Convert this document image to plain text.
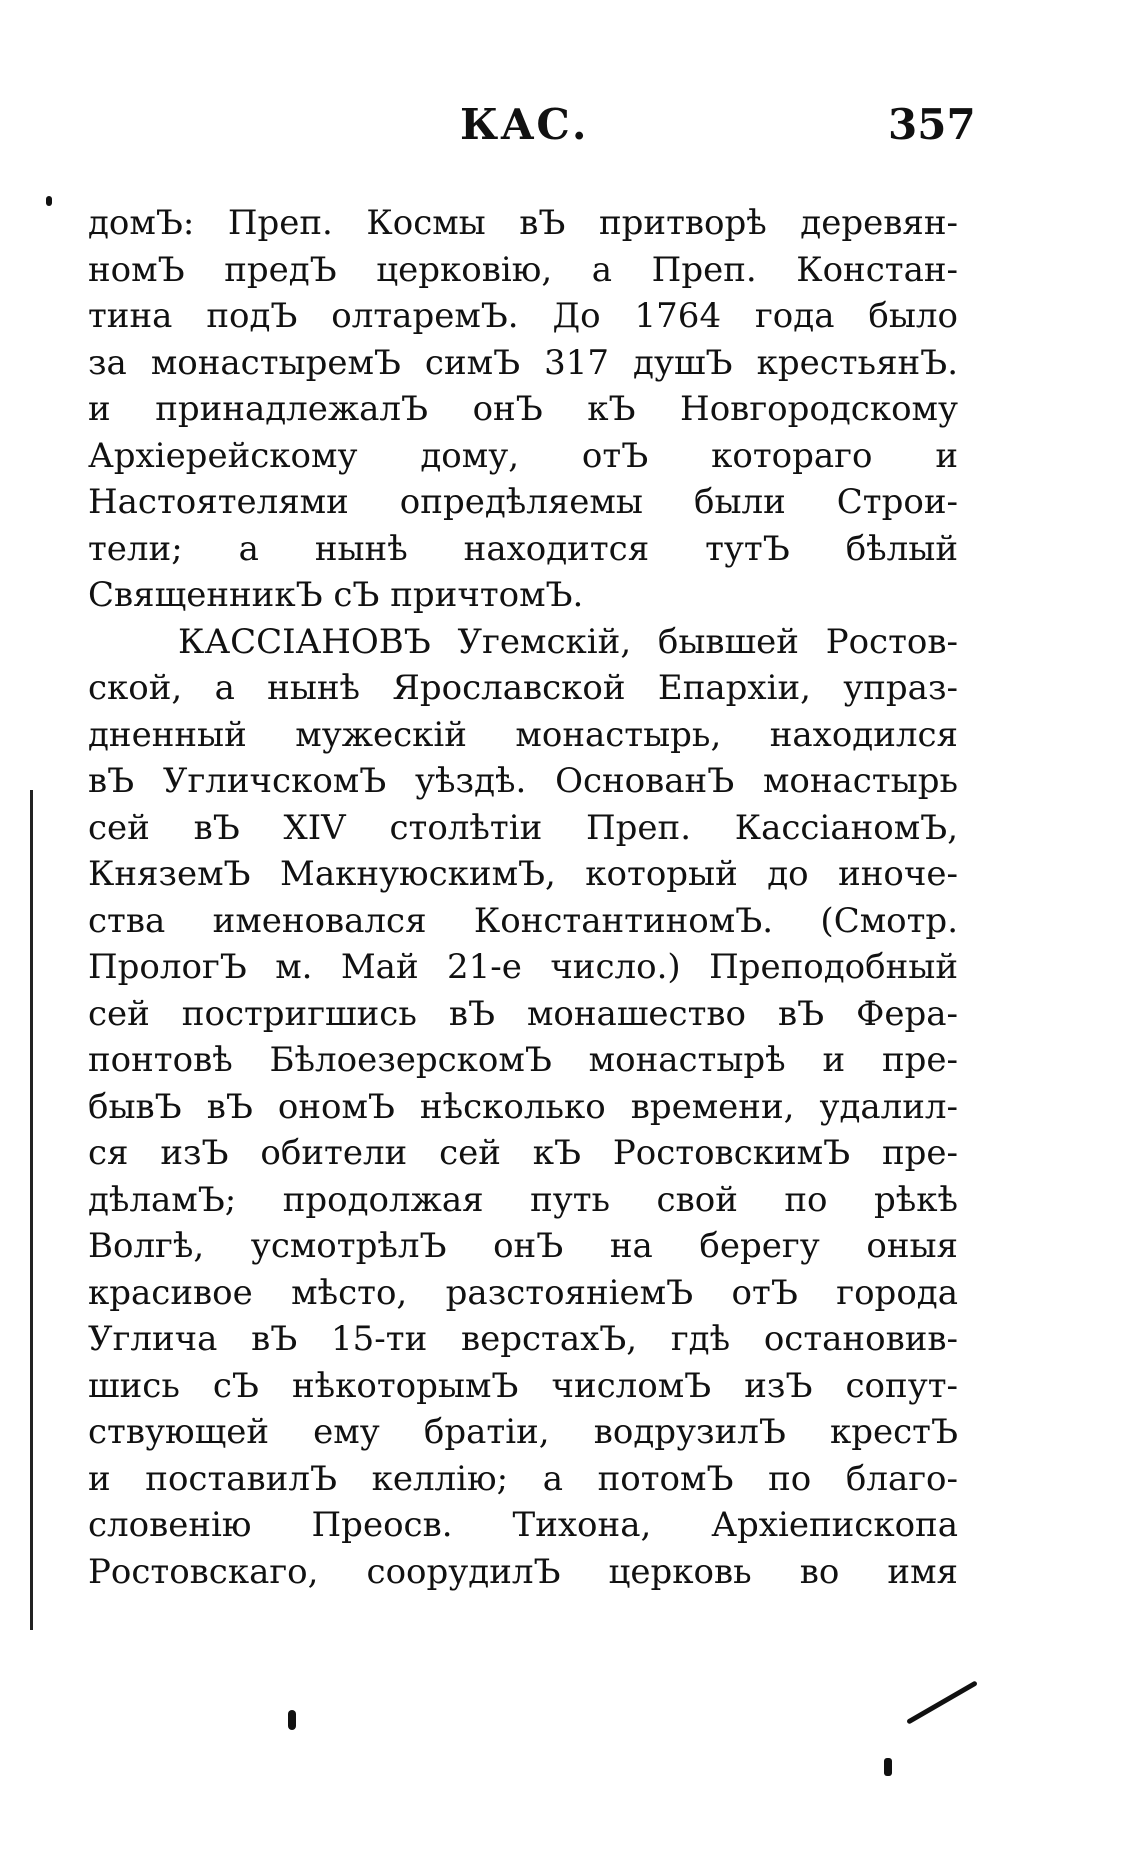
КАС.	357
домЪ: Преп. Космы вЪ притворѣ деревян-
номЪ предЪ церковію, а Преп. Констан-
тина подЪ олтаремЪ. До 1764 года было
за монастыремЪ симЪ 317 душЪ крестьянЪ.
и принадлежалЪ онЪ кЪ Новгородскому
Архіерейскому дому, отЪ котораго и
Настоятелями опредѣляемы были Строи-
тели; а нынѣ находится тутЪ бѣлый
СвященникЪ сЪ причтомЪ.
КАССІАНОВЪ Угемскій, бывшей Ростов-
ской, а нынѣ Ярославской Епархіи, упраз-
дненный мужескій монастырь, находился
вЪ УгличскомЪ уѣздѣ. ОснованЪ монастырь
сей вЪ XIV столѣтіи Преп. КассіаномЪ,
КняземЪ МакнуюскимЪ, который до иноче-
ства именовался КонстантиномЪ. (Смотр.
ПрологЪ м. Май 21-е число.) Преподобный
сей постригшись вЪ монашество вЪ Фера-
понтовѣ БѣлоезерскомЪ монастырѣ и пре-
бывЪ вЪ ономЪ нѣсколько времени, удалил-
ся изЪ обители сей кЪ РостовскимЪ пре-
дѣламЪ; продолжая путь свой по рѣкѣ
Волгѣ, усмотрѣлЪ онЪ на берегу оныя
красивое мѣсто, разстояніемЪ отЪ города
Углича вЪ 15-ти верстахЪ, гдѣ остановив-
шись сЪ нѣкоторымЪ числомЪ изЪ сопут-
ствующей ему братіи, водрузилЪ крестЪ
и поставилЪ келлію; а потомЪ по благо-
словенію Преосв. Тихона, Архіепископа
Ростовскаго, соорудилЪ церковь во имя
